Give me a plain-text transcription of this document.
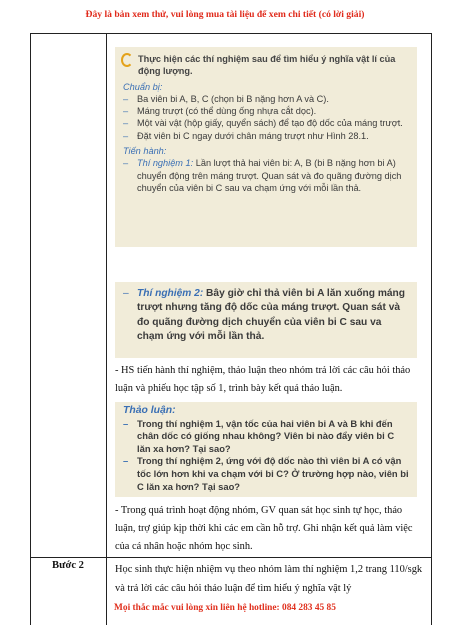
Đây là bản xem thử, vui lòng mua tài liệu để xem chi tiết (có lời giải)
Thực hiện các thí nghiệm sau để tìm hiểu ý nghĩa vật lí của động lượng.
Chuẩn bị:
– Ba viên bi A, B, C (chọn bi B nặng hơn A và C).
– Máng trượt (có thể dùng ống nhựa cắt dọc).
– Một vài vật (hộp giấy, quyển sách) để tạo độ dốc của máng trượt.
– Đặt viên bi C ngay dưới chân máng trượt như Hình 28.1.
Tiến hành:
– Thí nghiệm 1: Lần lượt thả hai viên bi: A, B (bi B nặng hơn bi A) chuyển động trên máng trượt. Quan sát và đo quãng đường dịch chuyển của viên bi C sau va chạm ứng với mỗi lần thả.
– Thí nghiệm 2: Bây giờ chỉ thả viên bi A lăn xuống máng trượt nhưng tăng độ dốc của máng trượt. Quan sát và đo quãng đường dịch chuyển của viên bi C sau va chạm ứng với mỗi lần thả.
- HS tiến hành thí nghiệm, thảo luận theo nhóm trả lời các câu hỏi thảo luận và phiếu học tập số 1, trình bày kết quả thảo luận.
Thảo luận:
– Trong thí nghiệm 1, vận tốc của hai viên bi A và B khi đến chân dốc có giống nhau không? Viên bi nào đẩy viên bi C lăn xa hơn? Tại sao?
– Trong thí nghiệm 2, ứng với độ dốc nào thì viên bi A có vận tốc lớn hơn khi va chạm với bi C? Ở trường hợp nào, viên bi C lăn xa hơn? Tại sao?
- Trong quá trình hoạt động nhóm, GV quan sát học sinh tự học, thảo luận, trợ giúp kịp thời khi các em cần hỗ trợ. Ghi nhận kết quả làm việc của cá nhân hoặc nhóm học sinh.
Bước 2	Học sinh thực hiện nhiệm vụ theo nhóm làm thí nghiệm 1,2 trang 110/sgk và trả lời các câu hỏi thảo luận để tìm hiểu ý nghĩa vật lý
Mọi thắc mắc vui lòng xin liên hệ hotline: 084 283 45 85
